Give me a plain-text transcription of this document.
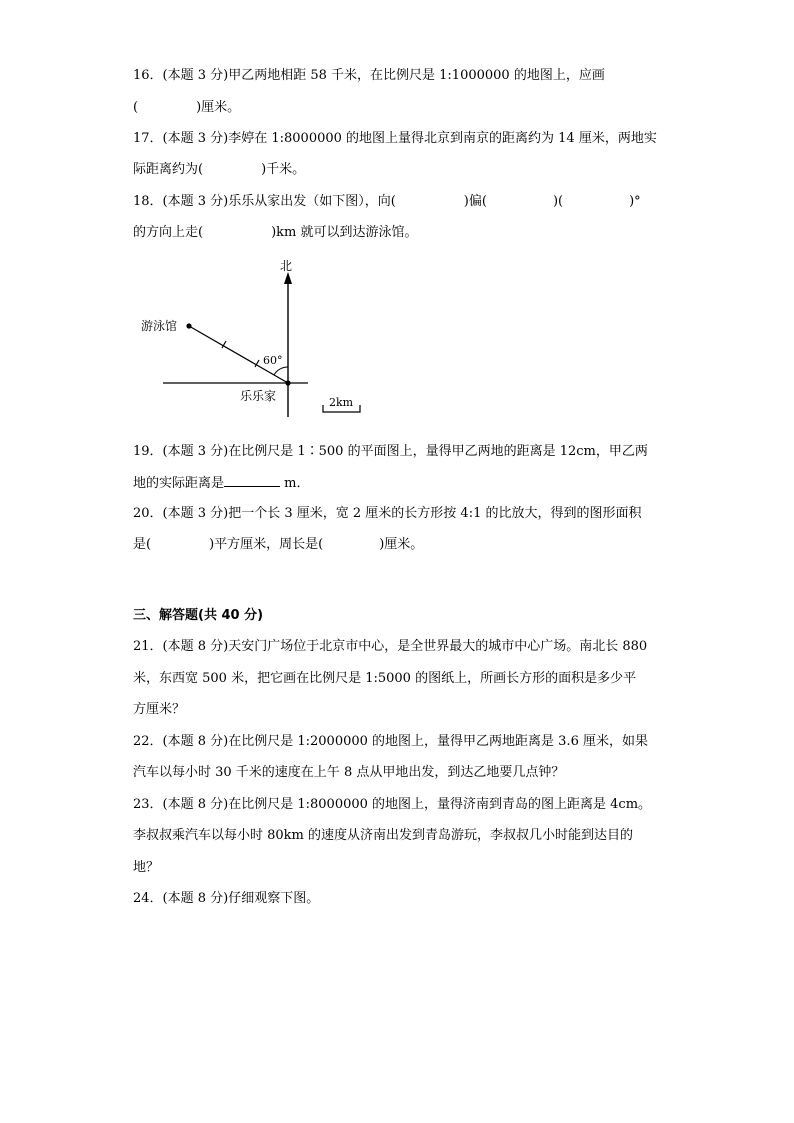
16．(本题 3 分)甲乙两地相距 58 千米，在比例尺是 1:1000000 的地图上，应画
(	)厘米。
17．(本题 3 分)李婷在 1:8000000 的地图上量得北京到南京的距离约为 14 厘米，两地实
际距离约为(	)千米。
18．(本题 3 分)乐乐从家出发（如下图），向(	)偏(	)(	)°
的方向上走(	)km 就可以到达游泳馆。
北
60°
游泳馆
乐乐家	2km
19．(本题 3 分)在比例尺是 1∶500 的平面图上，量得甲乙两地的距离是 12cm，甲乙两
地的实际距离是	m．
20．(本题 3 分)把一个长 3 厘米，宽 2 厘米的长方形按 4:1 的比放大，得到的图形面积
是(	)平方厘米，周长是(	)厘米。
三、解答题(共 40 分)
21．(本题 8 分)天安门广场位于北京市中心，是全世界最大的城市中心广场。南北长 880
米，东西宽 500 米，把它画在比例尺是 1:5000 的图纸上，所画长方形的面积是多少平
方厘米？
22．(本题 8 分)在比例尺是 1:2000000 的地图上，量得甲乙两地距离是 3.6 厘米，如果
汽车以每小时 30 千米的速度在上午 8 点从甲地出发，到达乙地要几点钟？
23．(本题 8 分)在比例尺是 1:8000000 的地图上，量得济南到青岛的图上距离是 4cm。
李叔叔乘汽车以每小时 80km 的速度从济南出发到青岛游玩，李叔叔几小时能到达目的
地？
24．(本题 8 分)仔细观察下图。
